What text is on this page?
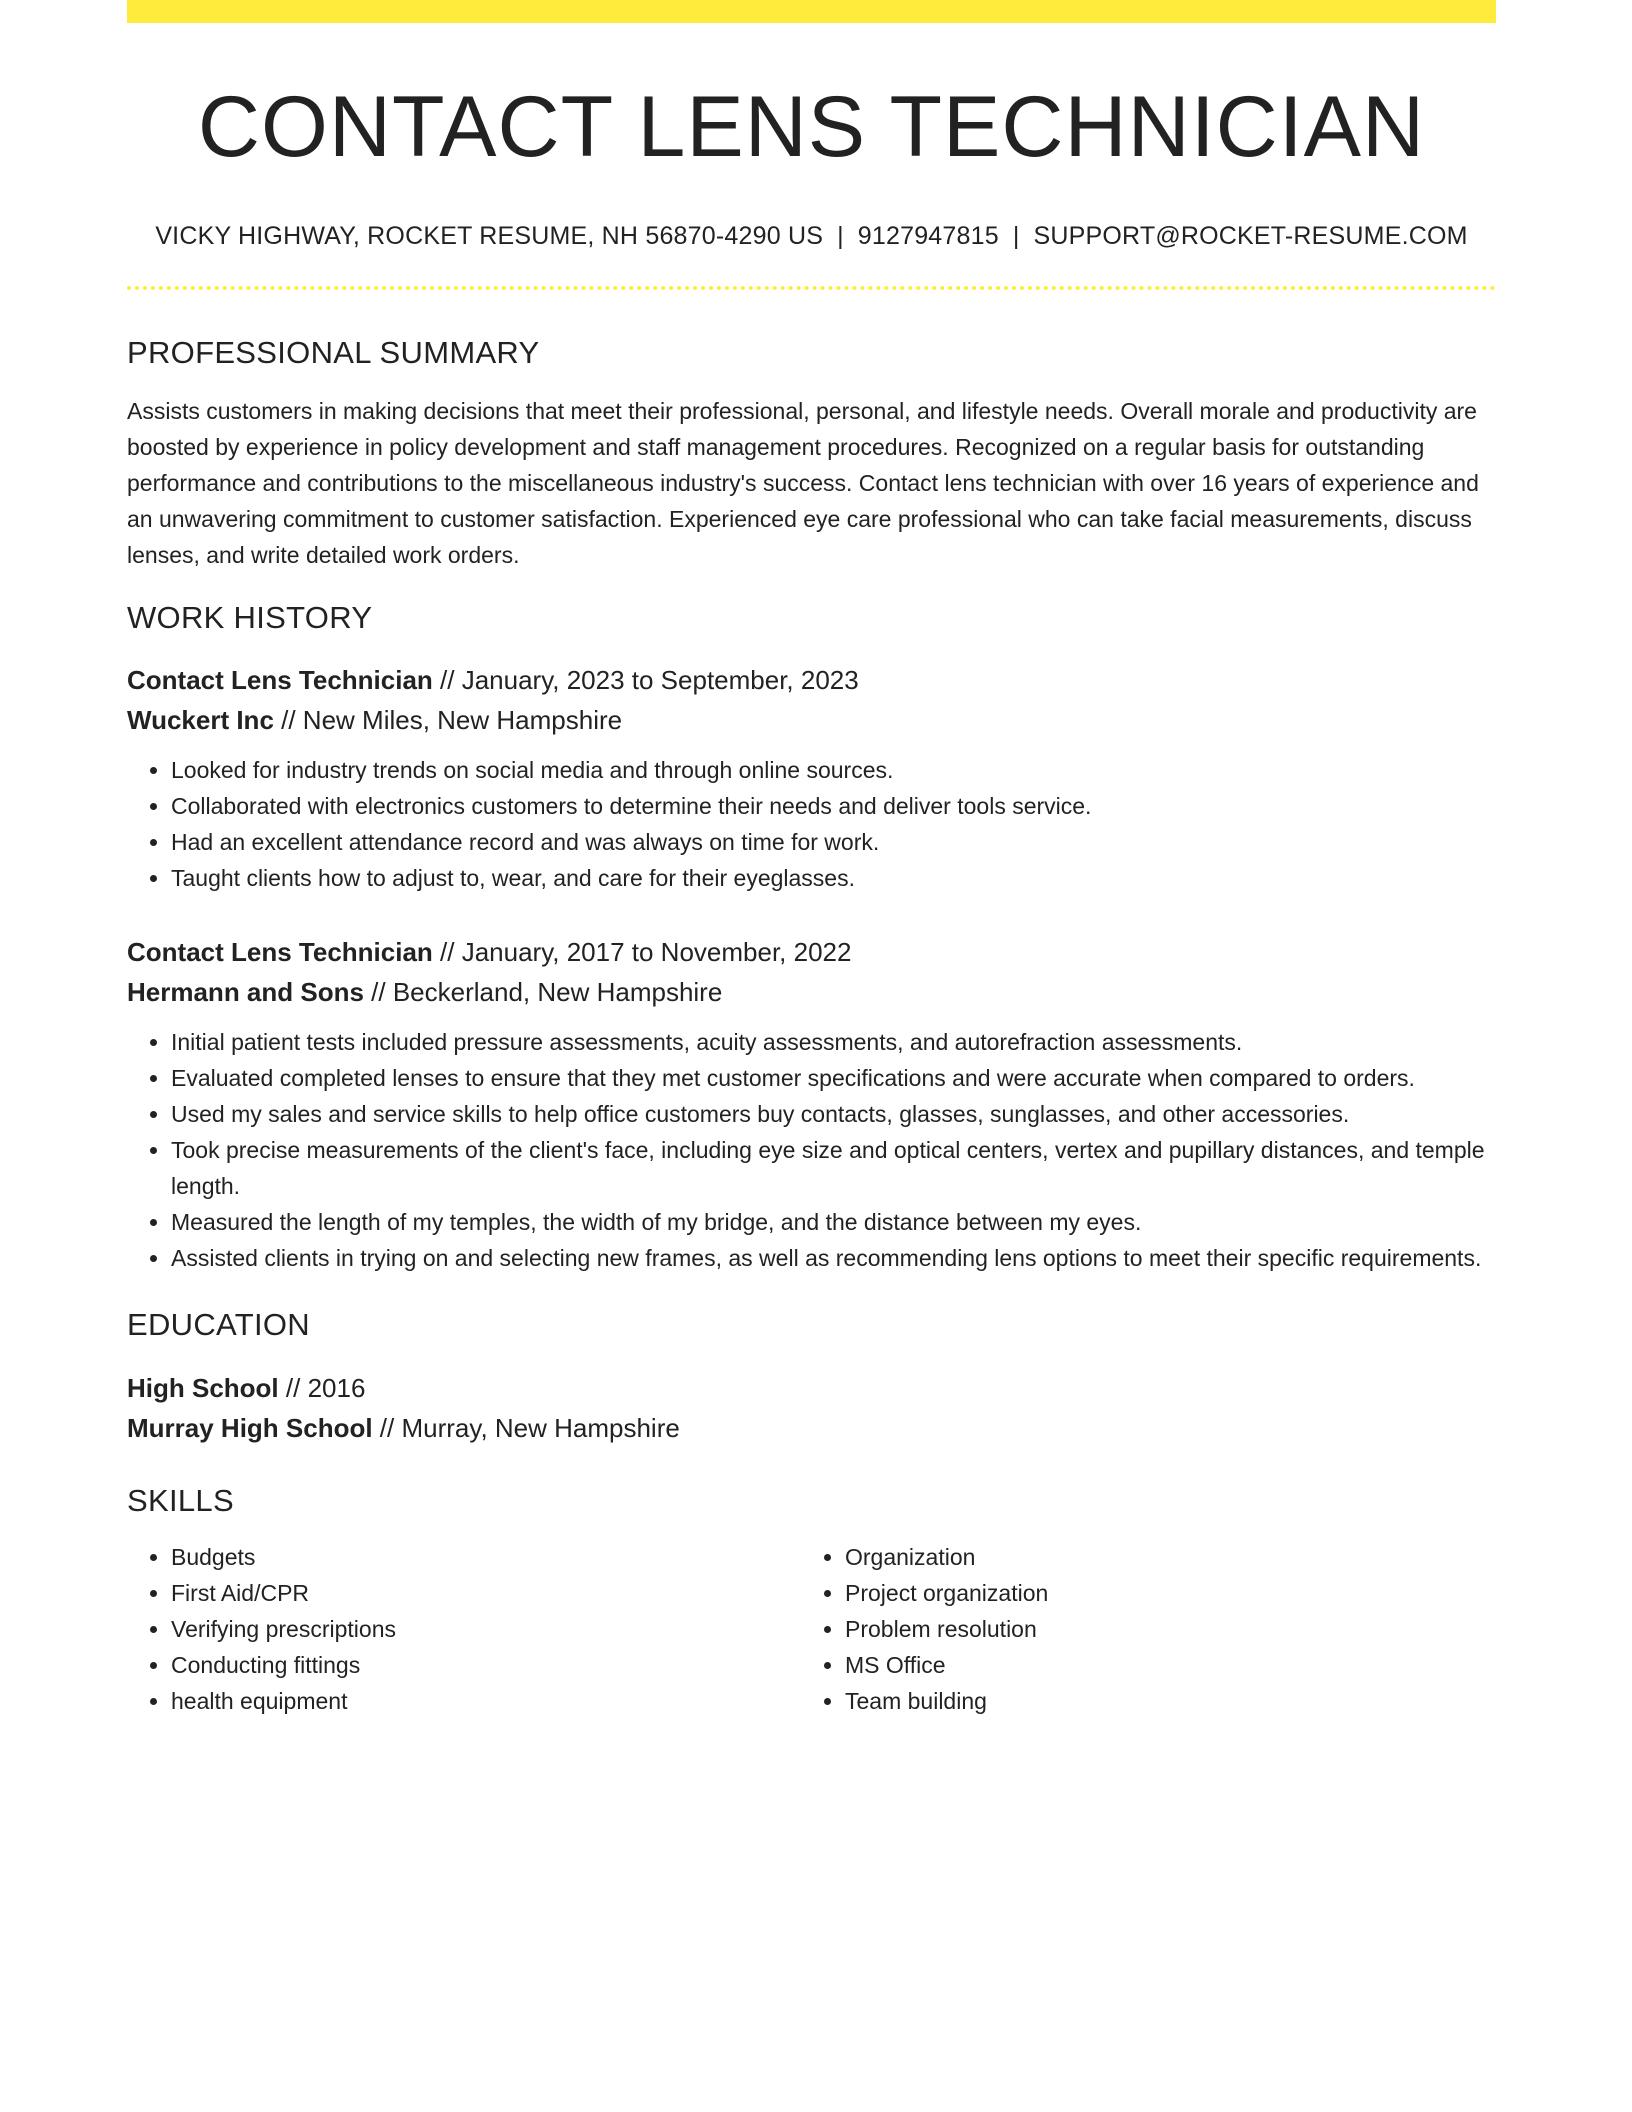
CONTACT LENS TECHNICIAN
VICKY HIGHWAY, ROCKET RESUME, NH 56870-4290 US | 9127947815 | SUPPORT@ROCKET-RESUME.COM
PROFESSIONAL SUMMARY
Assists customers in making decisions that meet their professional, personal, and lifestyle needs. Overall morale and productivity are boosted by experience in policy development and staff management procedures. Recognized on a regular basis for outstanding performance and contributions to the miscellaneous industry's success. Contact lens technician with over 16 years of experience and an unwavering commitment to customer satisfaction. Experienced eye care professional who can take facial measurements, discuss lenses, and write detailed work orders.
WORK HISTORY
Contact Lens Technician // January, 2023 to September, 2023
Wuckert Inc // New Miles, New Hampshire
• Looked for industry trends on social media and through online sources.
• Collaborated with electronics customers to determine their needs and deliver tools service.
• Had an excellent attendance record and was always on time for work.
• Taught clients how to adjust to, wear, and care for their eyeglasses.
Contact Lens Technician // January, 2017 to November, 2022
Hermann and Sons // Beckerland, New Hampshire
• Initial patient tests included pressure assessments, acuity assessments, and autorefraction assessments.
• Evaluated completed lenses to ensure that they met customer specifications and were accurate when compared to orders.
• Used my sales and service skills to help office customers buy contacts, glasses, sunglasses, and other accessories.
• Took precise measurements of the client's face, including eye size and optical centers, vertex and pupillary distances, and temple length.
• Measured the length of my temples, the width of my bridge, and the distance between my eyes.
• Assisted clients in trying on and selecting new frames, as well as recommending lens options to meet their specific requirements.
EDUCATION
High School // 2016
Murray High School // Murray, New Hampshire
SKILLS
• Budgets
• First Aid/CPR
• Verifying prescriptions
• Conducting fittings
• health equipment
• Organization
• Project organization
• Problem resolution
• MS Office
• Team building
